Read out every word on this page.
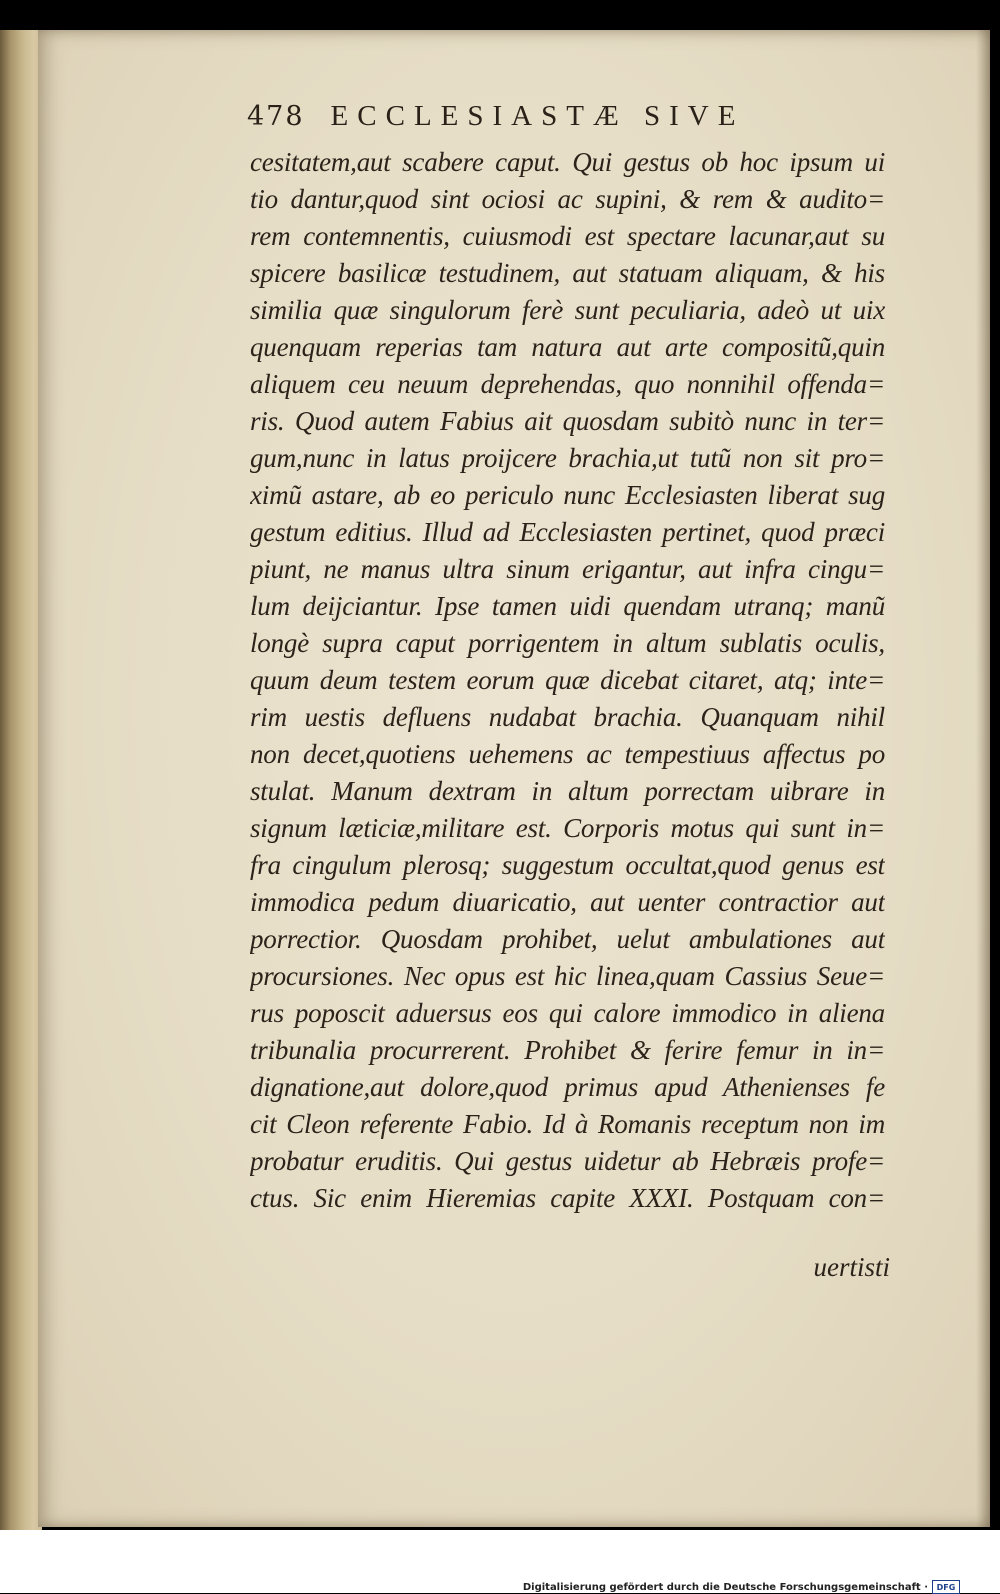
478 ECCLESIASTÆ SIVE
cesitatem,aut scabere caput. Qui gestus ob hoc ipsum ui
tio dantur,quod sint ociosi ac supini, & rem & audito=
rem contemnentis, cuiusmodi est spectare lacunar,aut su
spicere basilicæ testudinem, aut statuam aliquam, & his
similia quæ singulorum ferè sunt peculiaria, adeò ut uix
quenquam reperias tam natura aut arte compositũ,quin
aliquem ceu neuum deprehendas, quo nonnihil offenda=
ris. Quod autem Fabius ait quosdam subitò nunc in ter=
gum,nunc in latus proijcere brachia,ut tutũ non sit pro=
ximũ astare, ab eo periculo nunc Ecclesiasten liberat sug
gestum editius. Illud ad Ecclesiasten pertinet, quod præci
piunt, ne manus ultra sinum erigantur, aut infra cingu=
lum deijciantur. Ipse tamen uidi quendam utranq; manũ
longè supra caput porrigentem in altum sublatis oculis,
quum deum testem eorum quæ dicebat citaret, atq; inte=
rim uestis defluens nudabat brachia. Quanquam nihil
non decet,quotiens uehemens ac tempestiuus affectus po
stulat. Manum dextram in altum porrectam uibrare in
signum læticiæ,militare est. Corporis motus qui sunt in=
fra cingulum plerosq; suggestum occultat,quod genus est
immodica pedum diuaricatio, aut uenter contractior aut
porrectior. Quosdam prohibet, uelut ambulationes aut
procursiones. Nec opus est hic linea,quam Cassius Seue=
rus poposcit aduersus eos qui calore immodico in aliena
tribunalia procurrerent. Prohibet & ferire femur in in=
dignatione,aut dolore,quod primus apud Athenienses fe
cit Cleon referente Fabio. Id à Romanis receptum non im
probatur eruditis. Qui gestus uidetur ab Hebræis profe=
ctus. Sic enim Hieremias capite XXXI. Postquam con=
uertisti
Digitalisierung gefördert durch die Deutsche Forschungsgemeinschaft ·	DFG
